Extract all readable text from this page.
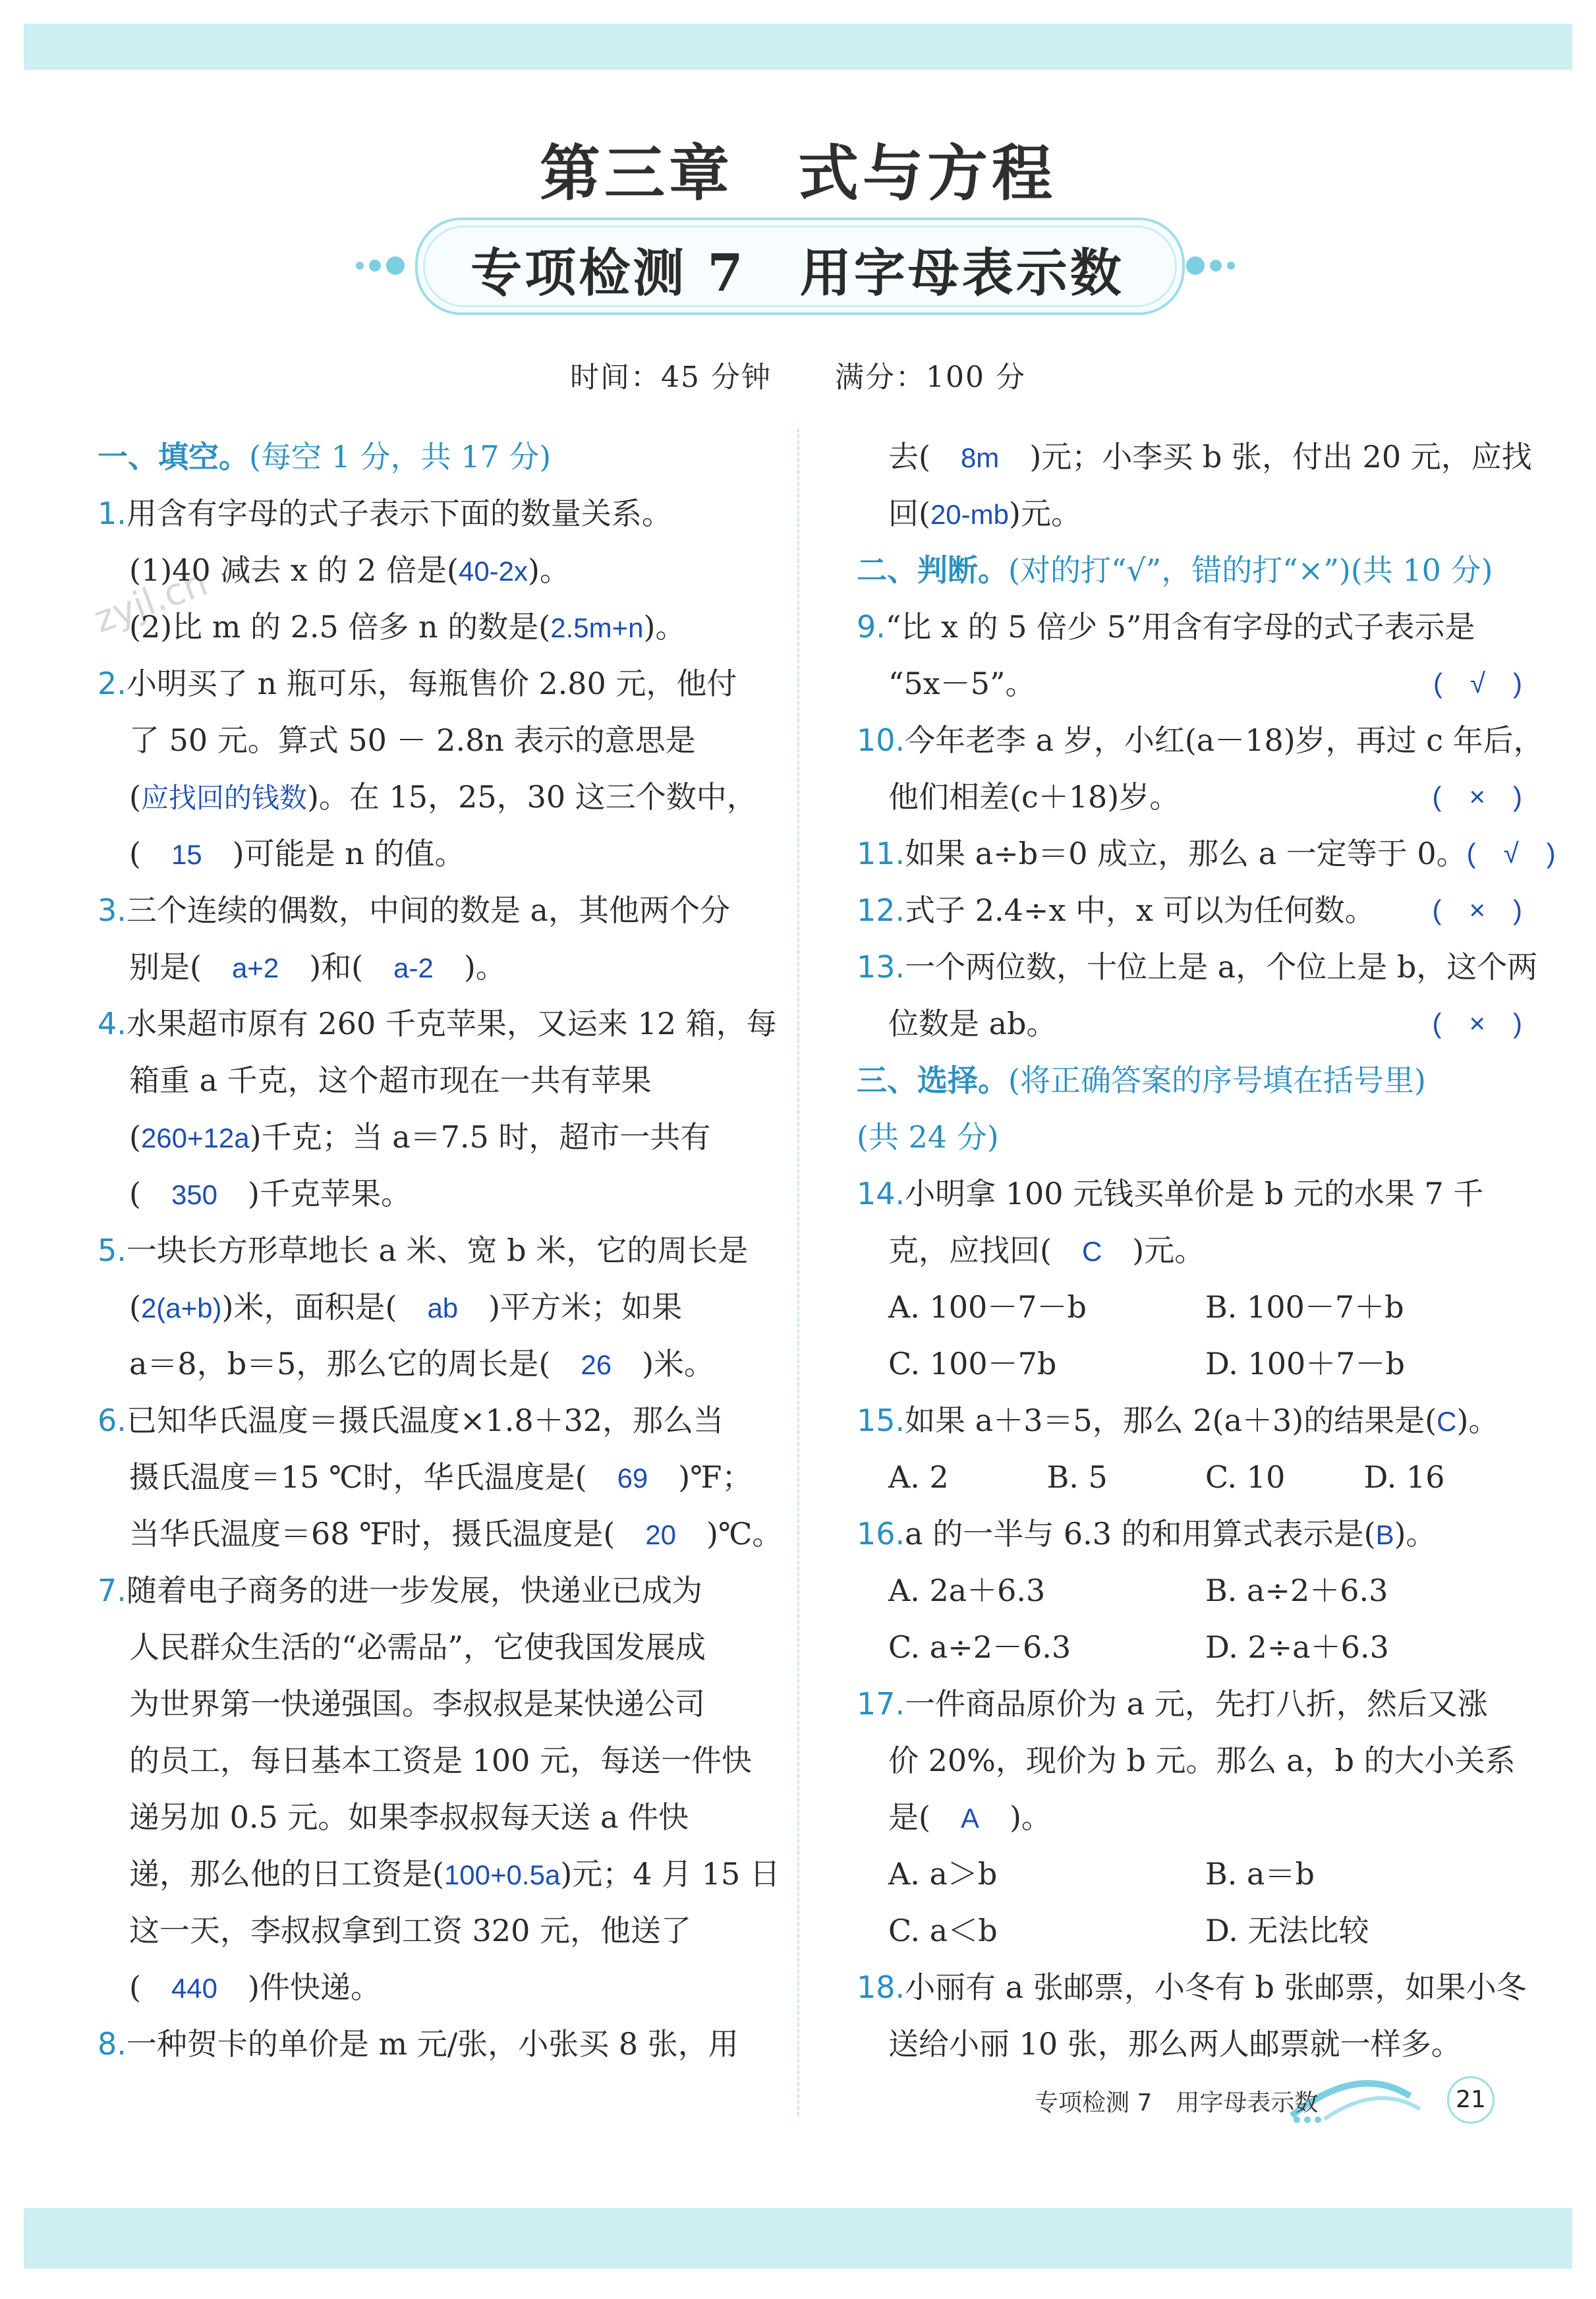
第三章　式与方程
专项检测 7　用字母表示数
时间：45 分钟 满分：100 分
zyjl.cn
一、填空。(每空 1 分，共 17 分)
1.用含有字母的式子表示下面的数量关系。
(1)40 减去 x 的 2 倍是(40-2x)。
(2)比 m 的 2.5 倍多 n 的数是(2.5m+n)。
2.小明买了 n 瓶可乐，每瓶售价 2.80 元，他付
了 50 元。算式 50 － 2.8n 表示的意思是
(应找回的钱数)。在 15，25，30 这三个数中，
(　15　)可能是 n 的值。
3.三个连续的偶数，中间的数是 a，其他两个分
别是(　a+2　)和(　a-2　)。
4.水果超市原有 260 千克苹果，又运来 12 箱，每
箱重 a 千克，这个超市现在一共有苹果
(260+12a)千克；当 a＝7.5 时，超市一共有
(　350　)千克苹果。
5.一块长方形草地长 a 米、宽 b 米，它的周长是
(2(a+b))米，面积是(　ab　)平方米；如果
a＝8，b＝5，那么它的周长是(　26　)米。
6.已知华氏温度＝摄氏温度×1.8＋32，那么当
摄氏温度＝15 ℃时，华氏温度是(　69　)℉；
当华氏温度＝68 ℉时，摄氏温度是(　20　)℃。
7.随着电子商务的进一步发展，快递业已成为
人民群众生活的“必需品”，它使我国发展成
为世界第一快递强国。李叔叔是某快递公司
的员工，每日基本工资是 100 元，每送一件快
递另加 0.5 元。如果李叔叔每天送 a 件快
递，那么他的日工资是(100+0.5a)元；4 月 15 日
这一天，李叔叔拿到工资 320 元，他送了
(　440　)件快递。
8.一种贺卡的单价是 m 元/张，小张买 8 张，用
去(　8m　)元；小李买 b 张，付出 20 元，应找
回(20-mb)元。
二、判断。(对的打“√”，错的打“×”)(共 10 分)
9.“比 x 的 5 倍少 5”用含有字母的式子表示是
“5x－5”。	(　√　)
10.今年老李 a 岁，小红(a－18)岁，再过 c 年后，
他们相差(c＋18)岁。	(　×　)
11.如果 a÷b＝0 成立，那么 a 一定等于 0。 (　√　)
12.式子 2.4÷x 中，x 可以为任何数。 (　×　)
13.一个两位数，十位上是 a，个位上是 b，这个两
位数是 ab。	(　×　)
三、选择。(将正确答案的序号填在括号里)
(共 24 分)
14.小明拿 100 元钱买单价是 b 元的水果 7 千
克，应找回(　C　)元。
A. 100－7－b	B. 100－7＋b
C. 100－7b	D. 100＋7－b
15.如果 a＋3＝5，那么 2(a＋3)的结果是(C)。
A. 2	B. 5	C. 10	D. 16
16.a 的一半与 6.3 的和用算式表示是(B)。
A. 2a＋6.3	B. a÷2＋6.3
C. a÷2－6.3	D. 2÷a＋6.3
17.一件商品原价为 a 元，先打八折，然后又涨
价 20%，现价为 b 元。那么 a，b 的大小关系
是(　A　)。
A. a＞b	B. a＝b
C. a＜b	D. 无法比较
18.小丽有 a 张邮票，小冬有 b 张邮票，如果小冬
送给小丽 10 张，那么两人邮票就一样多。
专项检测 7　用字母表示数	21
